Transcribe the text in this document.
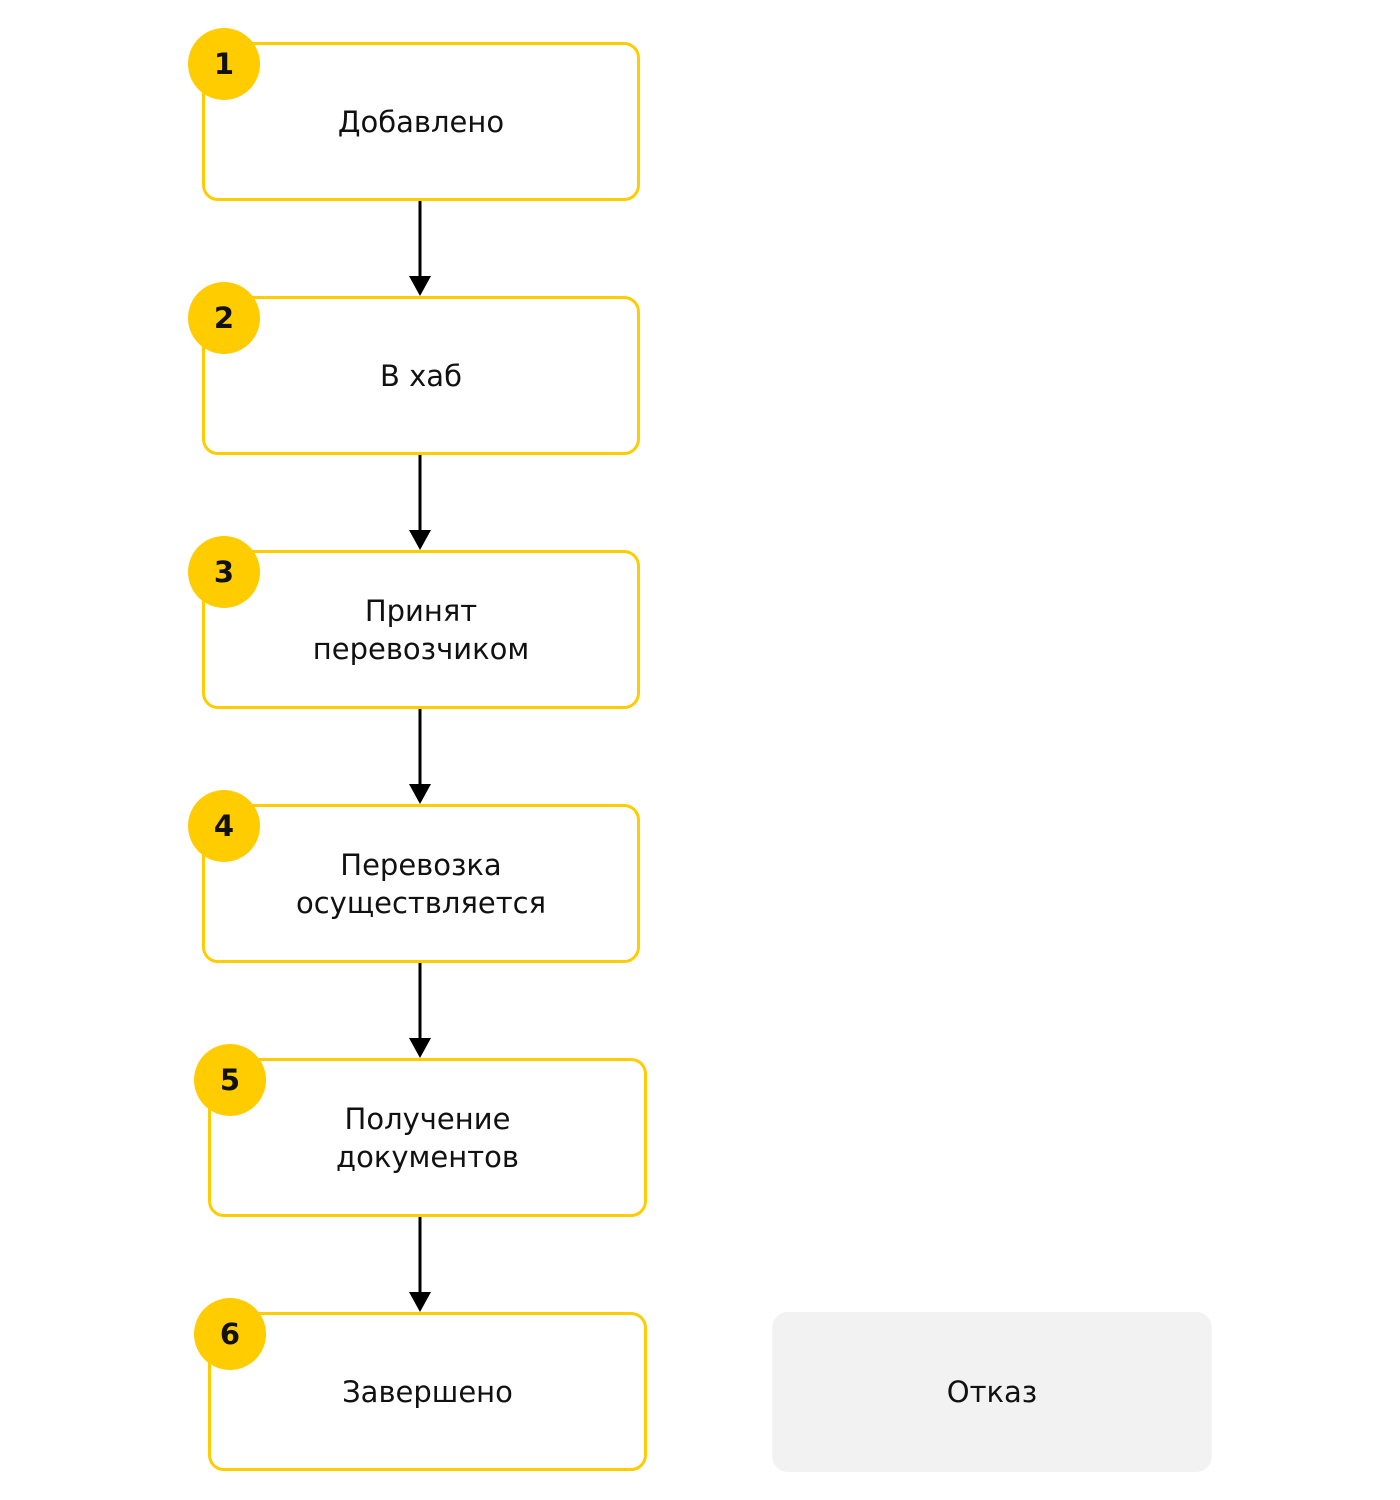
Добавлено
1
В хаб
2
Принят
перевозчиком
3
Перевозка
осуществляется
4
Получение
документов
5
Завершено
6
Отказ
